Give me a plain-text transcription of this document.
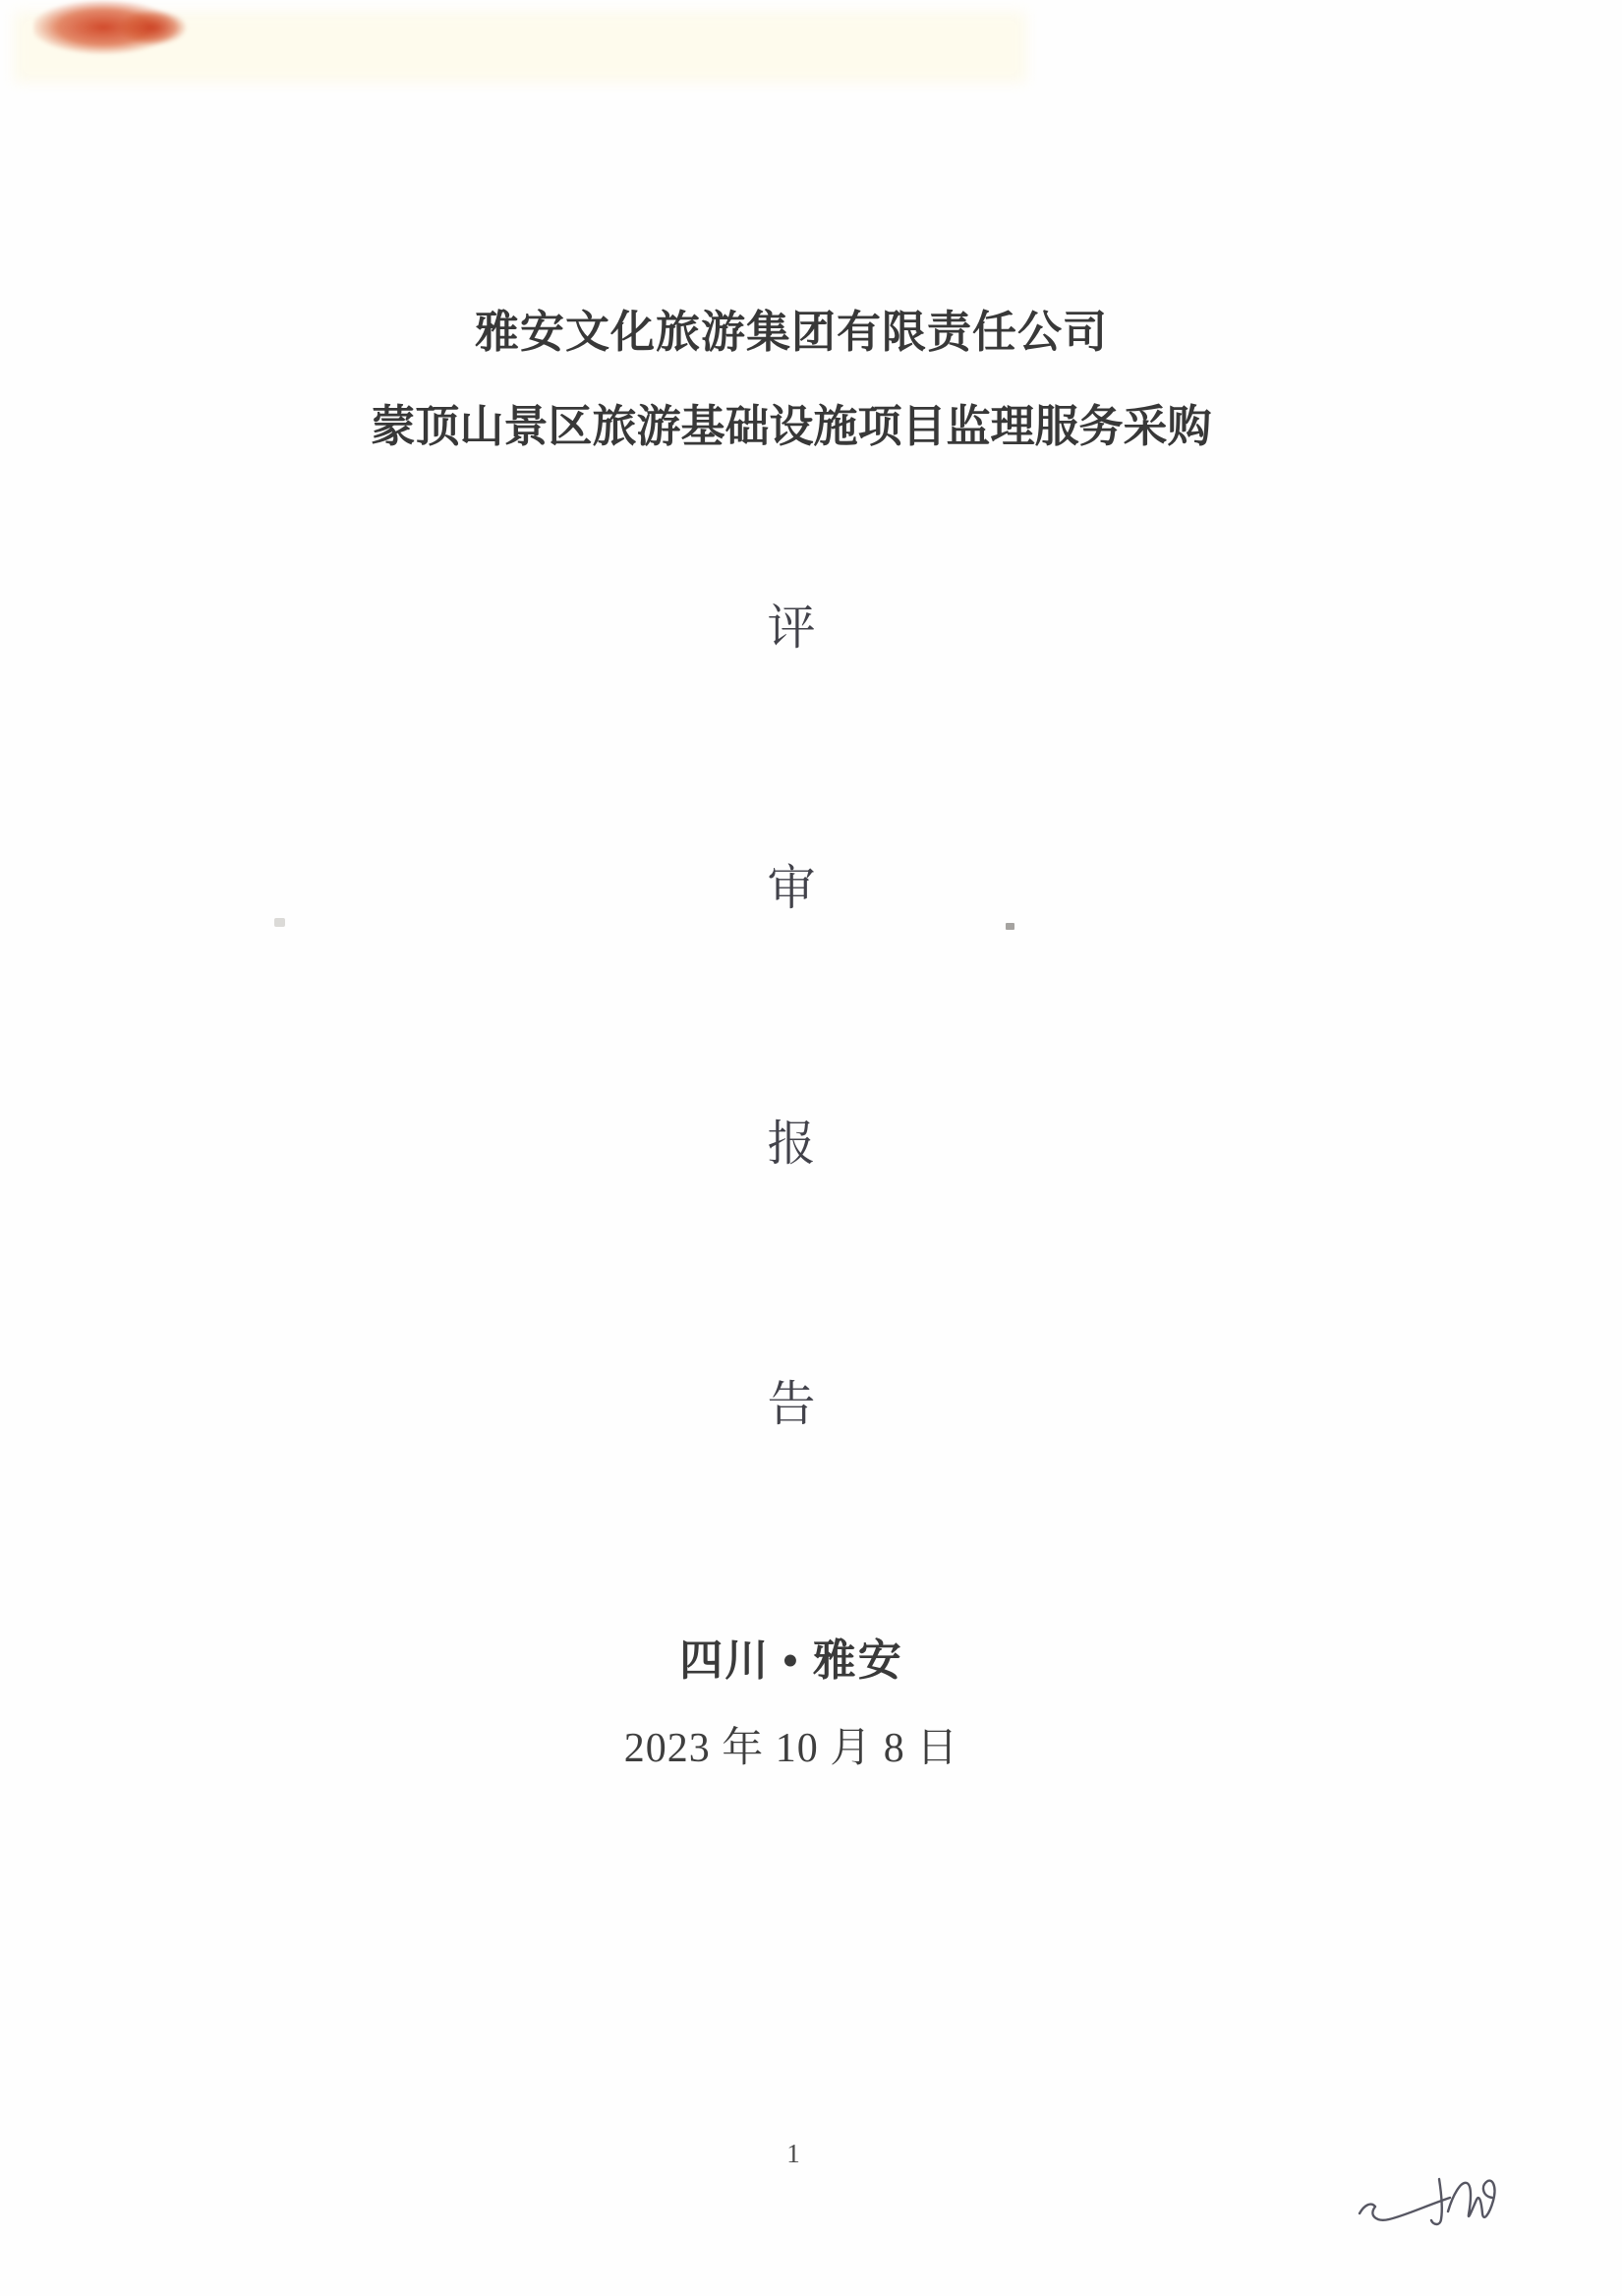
雅安文化旅游集团有限责任公司
蒙顶山景区旅游基础设施项目监理服务采购
评
审
报
告
四川 • 雅安
2023 年 10 月 8 日
1
